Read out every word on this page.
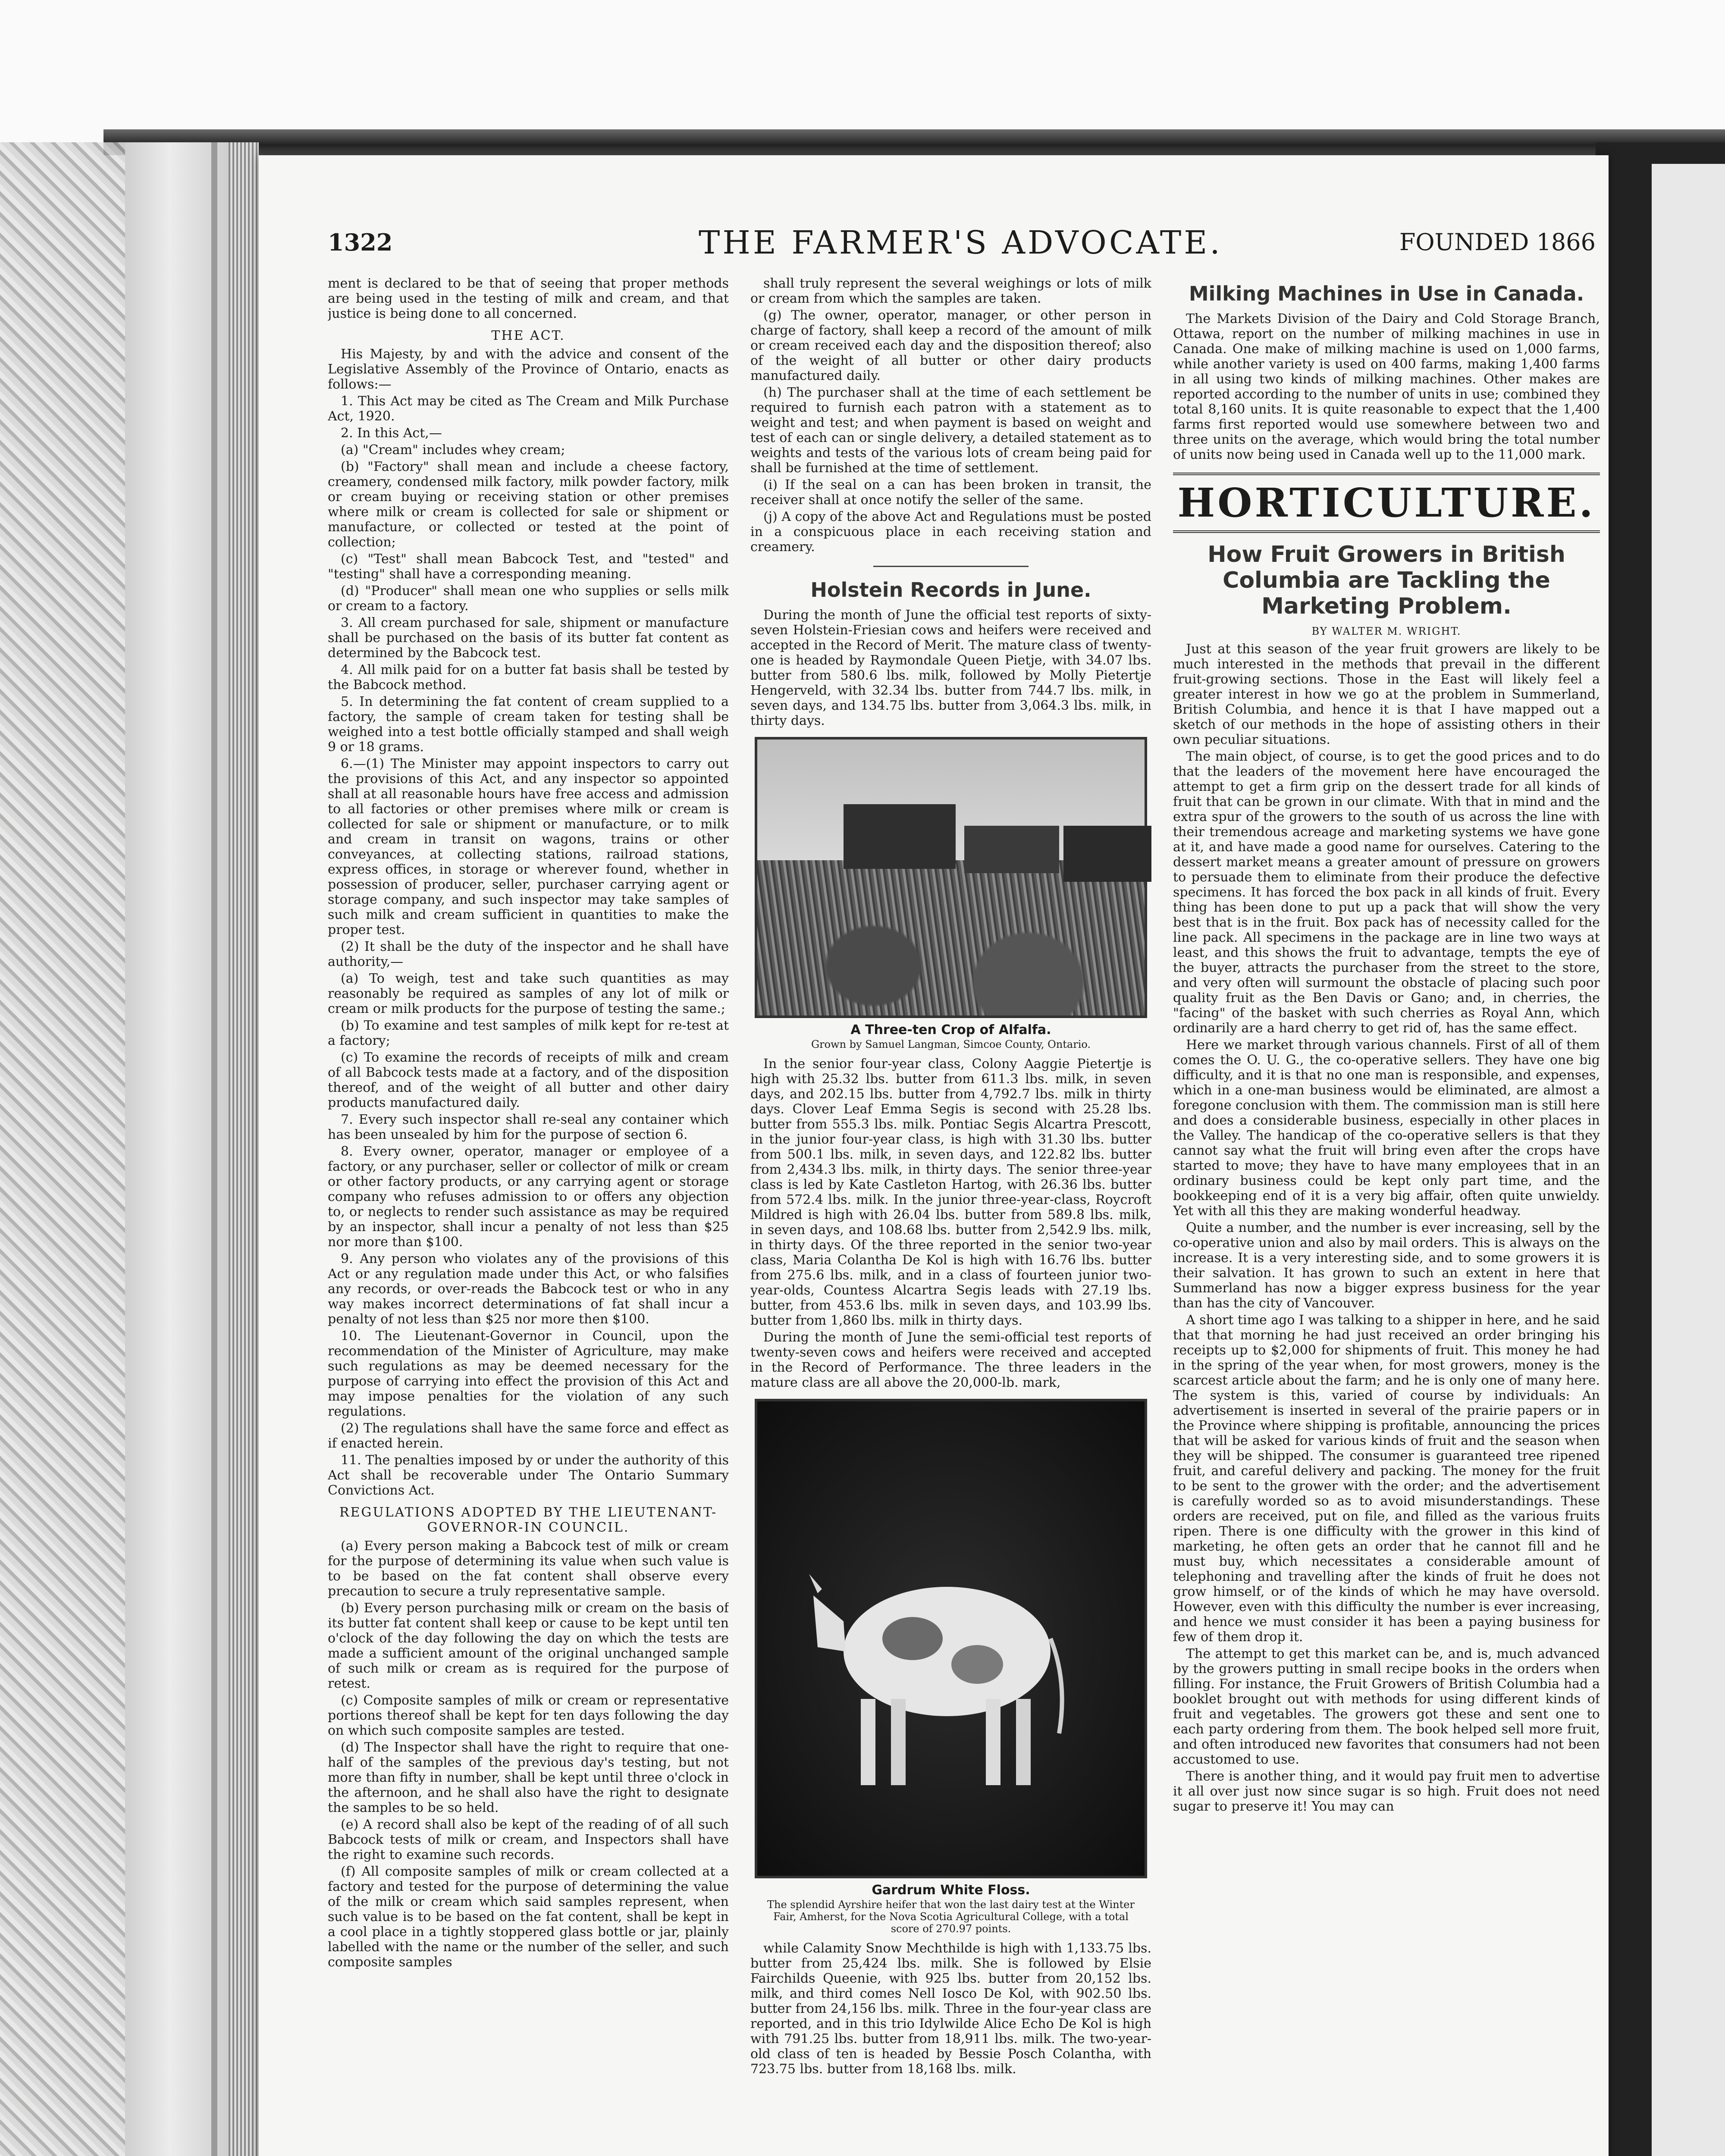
1322	THE FARMER'S ADVOCATE.	FOUNDED 1866

ment is declared to be that of seeing that proper methods are being used in the testing of milk and cream, and that justice is being done to all concerned.

THE ACT.

His Majesty, by and with the advice and consent of the Legislative Assembly of the Province of Ontario, enacts as follows:—

1. This Act may be cited as The Cream and Milk Purchase Act, 1920.

2. In this Act,—

(a) "Cream" includes whey cream;

(b) "Factory" shall mean and include a cheese factory, creamery, condensed milk factory, milk powder factory, milk or cream buying or receiving station or other premises where milk or cream is collected for sale or shipment or manufacture, or collected or tested at the point of collection;

(c) "Test" shall mean Babcock Test, and "tested" and "testing" shall have a corresponding meaning.

(d) "Producer" shall mean one who supplies or sells milk or cream to a factory.

3. All cream purchased for sale, shipment or manufacture shall be purchased on the basis of its butter fat content as determined by the Babcock test.

4. All milk paid for on a butter fat basis shall be tested by the Babcock method.

5. In determining the fat content of cream supplied to a factory, the sample of cream taken for testing shall be weighed into a test bottle officially stamped and shall weigh 9 or 18 grams.

6.—(1) The Minister may appoint inspectors to carry out the provisions of this Act, and any inspector so appointed shall at all reasonable hours have free access and admission to all factories or other premises where milk or cream is collected for sale or shipment or manufacture, or to milk and cream in transit on wagons, trains or other conveyances, at collecting stations, railroad stations, express offices, in storage or wherever found, whether in possession of producer, seller, purchaser carrying agent or storage company, and such inspector may take samples of such milk and cream sufficient in quantities to make the proper test.

(2) It shall be the duty of the inspector and he shall have authority,—

(a) To weigh, test and take such quantities as may reasonably be required as samples of any lot of milk or cream or milk products for the purpose of testing the same.;

(b) To examine and test samples of milk kept for re-test at a factory;

(c) To examine the records of receipts of milk and cream of all Babcock tests made at a factory, and of the disposition thereof, and of the weight of all butter and other dairy products manufactured daily.

7. Every such inspector shall re-seal any container which has been unsealed by him for the purpose of section 6.

8. Every owner, operator, manager or employee of a factory, or any purchaser, seller or collector of milk or cream or other factory products, or any carrying agent or storage company who refuses admission to or offers any objection to, or neglects to render such assistance as may be required by an inspector, shall incur a penalty of not less than $25 nor more than $100.

9. Any person who violates any of the provisions of this Act or any regulation made under this Act, or who falsifies any records, or over-reads the Babcock test or who in any way makes incorrect determinations of fat shall incur a penalty of not less than $25 nor more then $100.

10. The Lieutenant-Governor in Council, upon the recommendation of the Minister of Agriculture, may make such regulations as may be deemed necessary for the purpose of carrying into effect the provision of this Act and may impose penalties for the violation of any such regulations.

(2) The regulations shall have the same force and effect as if enacted herein.

11. The penalties imposed by or under the authority of this Act shall be recoverable under The Ontario Summary Convictions Act.

REGULATIONS ADOPTED BY THE LIEUTENANT-GOVERNOR-IN COUNCIL.

(a) Every person making a Babcock test of milk or cream for the purpose of determining its value when such value is to be based on the fat content shall observe every precaution to secure a truly representative sample.

(b) Every person purchasing milk or cream on the basis of its butter fat content shall keep or cause to be kept until ten o'clock of the day following the day on which the tests are made a sufficient amount of the original unchanged sample of such milk or cream as is required for the purpose of retest.

(c) Composite samples of milk or cream or representative portions thereof shall be kept for ten days following the day on which such composite samples are tested.

(d) The Inspector shall have the right to require that one-half of the samples of the previous day's testing, but not more than fifty in number, shall be kept until three o'clock in the afternoon, and he shall also have the right to designate the samples to be so held.

(e) A record shall also be kept of the reading of of all such Babcock tests of milk or cream, and Inspectors shall have the right to examine such records.

(f) All composite samples of milk or cream collected at a factory and tested for the purpose of determining the value of the milk or cream which said samples represent, when such value is to be based on the fat content, shall be kept in a cool place in a tightly stoppered glass bottle or jar, plainly labelled with the name or the number of the seller, and such composite samples

shall truly represent the several weighings or lots of milk or cream from which the samples are taken.

(g) The owner, operator, manager, or other person in charge of factory, shall keep a record of the amount of milk or cream received each day and the disposition thereof; also of the weight of all butter or other dairy products manufactured daily.

(h) The purchaser shall at the time of each settlement be required to furnish each patron with a statement as to weight and test; and when payment is based on weight and test of each can or single delivery, a detailed statement as to weights and tests of the various lots of cream being paid for shall be furnished at the time of settlement.

(i) If the seal on a can has been broken in transit, the receiver shall at once notify the seller of the same.

(j) A copy of the above Act and Regulations must be posted in a conspicuous place in each receiving station and creamery.

Holstein Records in June.

During the month of June the official test reports of sixty-seven Holstein-Friesian cows and heifers were received and accepted in the Record of Merit. The mature class of twenty-one is headed by Raymondale Queen Pietje, with 34.07 lbs. butter from 580.6 lbs. milk, followed by Molly Pietertje Hengerveld, with 32.34 lbs. butter from 744.7 lbs. milk, in seven days, and 134.75 lbs. butter from 3,064.3 lbs. milk, in thirty days.

A Three-ten Crop of Alfalfa.
Grown by Samuel Langman, Simcoe County, Ontario.

In the senior four-year class, Colony Aaggie Pietertje is high with 25.32 lbs. butter from 611.3 lbs. milk, in seven days, and 202.15 lbs. butter from 4,792.7 lbs. milk in thirty days. Clover Leaf Emma Segis is second with 25.28 lbs. butter from 555.3 lbs. milk. Pontiac Segis Alcartra Prescott, in the junior four-year class, is high with 31.30 lbs. butter from 500.1 lbs. milk, in seven days, and 122.82 lbs. butter from 2,434.3 lbs. milk, in thirty days. The senior three-year class is led by Kate Castleton Hartog, with 26.36 lbs. butter from 572.4 lbs. milk. In the junior three-year-class, Roycroft Mildred is high with 26.04 lbs. butter from 589.8 lbs. milk, in seven days, and 108.68 lbs. butter from 2,542.9 lbs. milk, in thirty days. Of the three reported in the senior two-year class, Maria Colantha De Kol is high with 16.76 lbs. butter from 275.6 lbs. milk, and in a class of fourteen junior two-year-olds, Countess Alcartra Segis leads with 27.19 lbs. butter, from 453.6 lbs. milk in seven days, and 103.99 lbs. butter from 1,860 lbs. milk in thirty days.

During the month of June the semi-official test reports of twenty-seven cows and heifers were received and accepted in the Record of Performance. The three leaders in the mature class are all above the 20,000-lb. mark,

Gardrum White Floss.
The splendid Ayrshire heifer that won the last dairy test at the Winter Fair, Amherst, for the Nova Scotia Agricultural College, with a total score of 270.97 points.

while Calamity Snow Mechthilde is high with 1,133.75 lbs. butter from 25,424 lbs. milk. She is followed by Elsie Fairchilds Queenie, with 925 lbs. butter from 20,152 lbs. milk, and third comes Nell Iosco De Kol, with 902.50 lbs. butter from 24,156 lbs. milk. Three in the four-year class are reported, and in this trio Idylwilde Alice Echo De Kol is high with 791.25 lbs. butter from 18,911 lbs. milk. The two-year-old class of ten is headed by Bessie Posch Colantha, with 723.75 lbs. butter from 18,168 lbs. milk.

Milking Machines in Use in Canada.

The Markets Division of the Dairy and Cold Storage Branch, Ottawa, report on the number of milking machines in use in Canada. One make of milking machine is used on 1,000 farms, while another variety is used on 400 farms, making 1,400 farms in all using two kinds of milking machines. Other makes are reported according to the number of units in use; combined they total 8,160 units. It is quite reasonable to expect that the 1,400 farms first reported would use somewhere between two and three units on the average, which would bring the total number of units now being used in Canada well up to the 11,000 mark.

HORTICULTURE.
How Fruit Growers in British Columbia are Tackling the Marketing Problem.
BY WALTER M. WRIGHT.

Just at this season of the year fruit growers are likely to be much interested in the methods that prevail in the different fruit-growing sections. Those in the East will likely feel a greater interest in how we go at the problem in Summerland, British Columbia, and hence it is that I have mapped out a sketch of our methods in the hope of assisting others in their own peculiar situations.

The main object, of course, is to get the good prices and to do that the leaders of the movement here have encouraged the attempt to get a firm grip on the dessert trade for all kinds of fruit that can be grown in our climate. With that in mind and the extra spur of the growers to the south of us across the line with their tremendous acreage and marketing systems we have gone at it, and have made a good name for ourselves. Catering to the dessert market means a greater amount of pressure on growers to persuade them to eliminate from their produce the defective specimens. It has forced the box pack in all kinds of fruit. Every thing has been done to put up a pack that will show the very best that is in the fruit. Box pack has of necessity called for the line pack. All specimens in the package are in line two ways at least, and this shows the fruit to advantage, tempts the eye of the buyer, attracts the purchaser from the street to the store, and very often will surmount the obstacle of placing such poor quality fruit as the Ben Davis or Gano; and, in cherries, the "facing" of the basket with such cherries as Royal Ann, which ordinarily are a hard cherry to get rid of, has the same effect.

Here we market through various channels. First of all of them comes the O. U. G., the co-operative sellers. They have one big difficulty, and it is that no one man is responsible, and expenses, which in a one-man business would be eliminated, are almost a foregone conclusion with them. The commission man is still here and does a considerable business, especially in other places in the Valley. The handicap of the co-operative sellers is that they cannot say what the fruit will bring even after the crops have started to move; they have to have many employees that in an ordinary business could be kept only part time, and the bookkeeping end of it is a very big affair, often quite unwieldy. Yet with all this they are making wonderful headway.

Quite a number, and the number is ever increasing, sell by the co-operative union and also by mail orders. This is always on the increase. It is a very interesting side, and to some growers it is their salvation. It has grown to such an extent in here that Summerland has now a bigger express business for the year than has the city of Vancouver.

A short time ago I was talking to a shipper in here, and he said that that morning he had just received an order bringing his receipts up to $2,000 for shipments of fruit. This money he had in the spring of the year when, for most growers, money is the scarcest article about the farm; and he is only one of many here. The system is this, varied of course by individuals: An advertisement is inserted in several of the prairie papers or in the Province where shipping is profitable, announcing the prices that will be asked for various kinds of fruit and the season when they will be shipped. The consumer is guaranteed tree ripened fruit, and careful delivery and packing. The money for the fruit to be sent to the grower with the order; and the advertisement is carefully worded so as to avoid misunderstandings. These orders are received, put on file, and filled as the various fruits ripen. There is one difficulty with the grower in this kind of marketing, he often gets an order that he cannot fill and he must buy, which necessitates a considerable amount of telephoning and travelling after the kinds of fruit he does not grow himself, or of the kinds of which he may have oversold. However, even with this difficulty the number is ever increasing, and hence we must consider it has been a paying business for few of them drop it.

The attempt to get this market can be, and is, much advanced by the growers putting in small recipe books in the orders when filling. For instance, the Fruit Growers of British Columbia had a booklet brought out with methods for using different kinds of fruit and vegetables. The growers got these and sent one to each party ordering from them. The book helped sell more fruit, and often introduced new favorites that consumers had not been accustomed to use.

There is another thing, and it would pay fruit men to advertise it all over just now since sugar is so high. Fruit does not need sugar to preserve it! You may can
